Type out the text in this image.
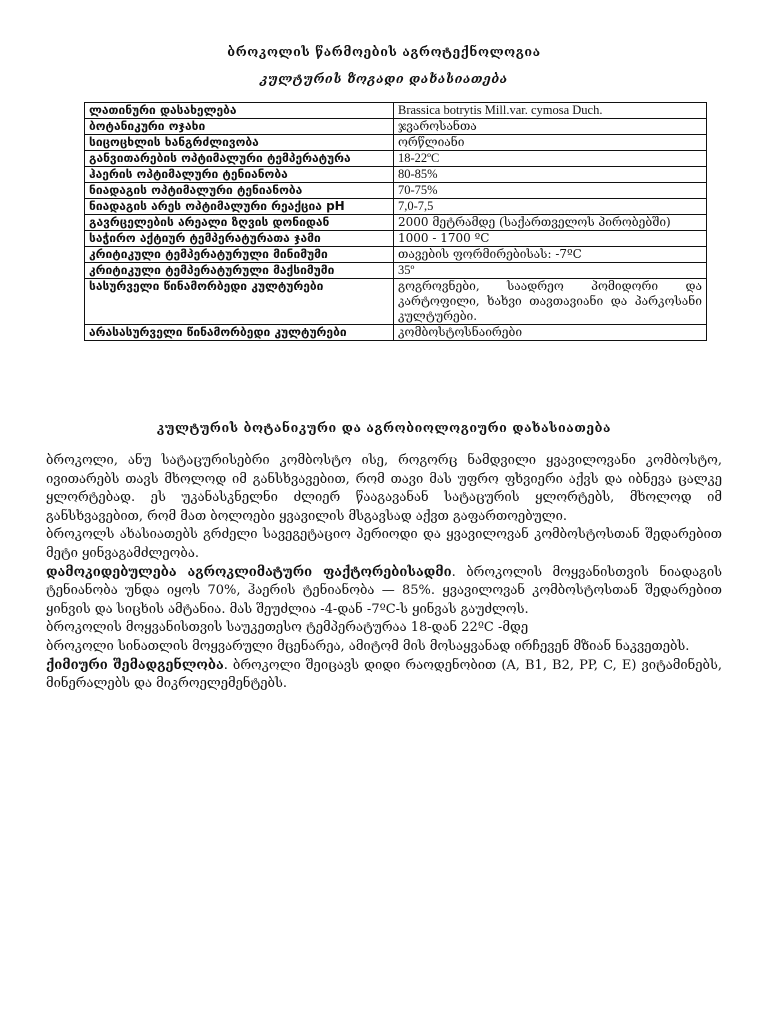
ბროკოლის წარმოების აგროტექნოლოგია
კულტურის ზოგადი დახასიათება
ლათინური დასახელება	Brassica botrytis Mill.var. cymosa Duch.
ბოტანიკური ოჯახი	ჯვაროსანთა
სიცოცხლის ხანგრძლივობა	ორწლიანი
განვითარების ოპტიმალური ტემპერატურა	18-22ºC
ჰაერის ოპტიმალური ტენიანობა	80-85%
ნიადაგის ოპტიმალური ტენიანობა	70-75%
ნიადაგის არეს ოპტიმალური რეაქცია pH	7,0-7,5
გავრცელების არეალი ზღვის დონიდან	2000 მეტრამდე (საქართველოს პირობებში)
საჭირო აქტიურ ტემპერატურათა ჯამი	1000 - 1700 ºC
კრიტიკული ტემპერატურული მინიმუმი	თავების ფორმირებისას: -7ºC
კრიტიკული ტემპერატურული მაქსიმუმი	35º
სასურველი წინამორბედი კულტურები	გოგროვნები, საადრეო პომიდორი და კარტოფილი, ხახვი თავთავიანი და პარკოსანი კულტურები.
არასასურველი წინამორბედი კულტურები	კომბოსტოსნაირები
კულტურის ბოტანიკური და აგრობიოლოგიური დახასიათება

ბროკოლი, ანუ სატაცურისებრი კომბოსტო ისე, როგორც ნამდვილი ყვავილოვანი კომბოსტო, ივითარებს თავს მხოლოდ იმ განსხვავებით, რომ თავი მას უფრო ფხვიერი აქვს და იბნევა ცალკე ყლორტებად. ეს უკანასკნელნი ძლიერ წააგავანან სატაცურის ყლორტებს, მხოლოდ იმ განსხვავებით, რომ მათ ბოლოები ყვავილის მსგავსად აქვთ გაფართოებული.

ბროკოლს ახასიათებს გრძელი სავეგეტაციო პერიოდი და ყვავილოვან კომბოსტოსთან შედარებით მეტი ყინვაგამძლეობა.

დამოკიდებულება აგროკლიმატური ფაქტორებისადმი. ბროკოლის მოყვანისთვის ნიადაგის ტენიანობა უნდა იყოს 70%, ჰაერის ტენიანობა — 85%. ყვავილოვან კომბოსტოსთან შედარებით ყინვის და სიცხის ამტანია. მას შეუძლია -4-დან -7ºC-ს ყინვას გაუძლოს.

ბროკოლის მოყვანისთვის საუკეთესო ტემპერატურაა 18-დან 22ºC -მდე

ბროკოლი სინათლის მოყვარული მცენარეა, ამიტომ მის მოსაყვანად ირჩევენ მზიან ნაკვეთებს.

ქიმიური შემადგენლობა. ბროკოლი შეიცავს დიდი რაოდენობით (A, B1, B2, PP, C, E) ვიტამინებს, მინერალებს და მიკროელემენტებს.
